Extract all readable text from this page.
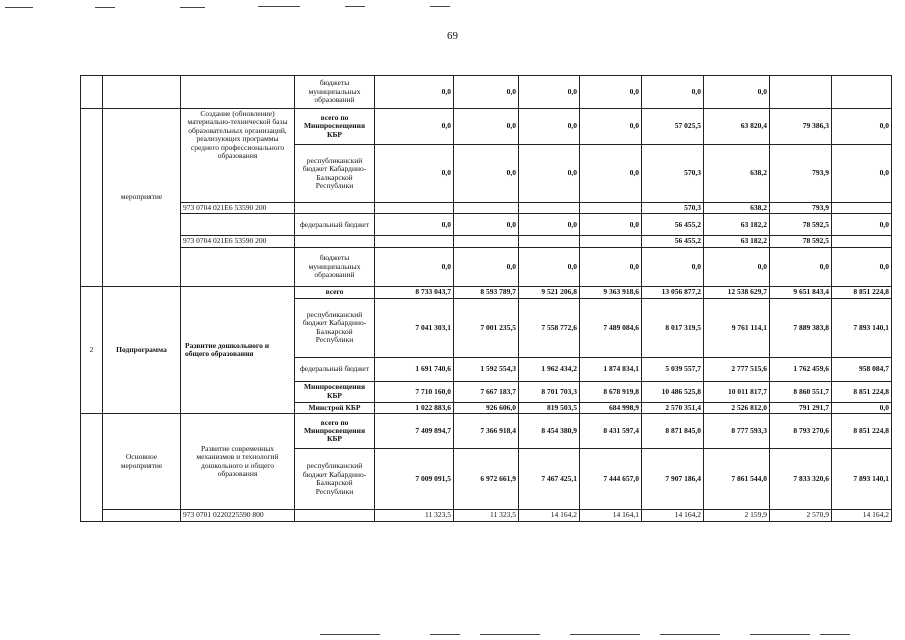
69
			бюджеты муниципальных образований	0,0	0,0	0,0	0,0	0,0	0,0		
	мероприятие	Создание (обновление) материально-технической базы образовательных организаций, реализующих программы среднего профессионального образования	всего по Минпросвещения КБР	0,0	0,0	0,0	0,0	57 025,5	63 820,4	79 386,3	0,0
			республиканский бюджет Кабардино-Балкарской Республики	0,0	0,0	0,0	0,0	570,3	638,2	793,9	0,0
		973 0704 021E6 53590 200						570,3	638,2	793,9	
			федеральный бюджет	0,0	0,0	0,0	0,0	56 455,2	63 182,2	78 592,5	0,0
		973 0704 021E6 53590 200						56 455,2	63 182,2	78 592,5	
			бюджеты муниципальных образований	0,0	0,0	0,0	0,0	0,0	0,0	0,0	0,0
2	Подпрограмма	Развитие дошкольного и общего образования	всего	8 733 043,7	8 593 789,7	9 521 206,8	9 363 918,6	13 056 877,2	12 538 629,7	9 651 843,4	8 851 224,8
			республиканский бюджет Кабардино-Балкарской Республики	7 041 303,1	7 001 235,5	7 558 772,6	7 489 084,6	8 017 319,5	9 761 114,1	7 889 383,8	7 893 140,1
			федеральный бюджет	1 691 740,6	1 592 554,3	1 962 434,2	1 874 834,1	5 039 557,7	2 777 515,6	1 762 459,6	958 084,7
			Минпросвещения КБР	7 710 160,0	7 667 183,7	8 701 703,3	8 678 919,8	10 486 525,8	10 011 817,7	8 860 551,7	8 851 224,8
			Минстрой КБР	1 022 883,6	926 606,0	819 503,5	684 998,9	2 570 351,4	2 526 812,0	791 291,7	0,0
	Основное мероприятие	Развитие современных механизмов и технологий дошкольного и общего образования	всего по Минпросвещения КБР	7 409 894,7	7 366 918,4	8 454 380,9	8 431 597,4	8 871 845,0	8 777 593,3	8 793 270,6	8 851 224,8
			республиканский бюджет Кабардино-Балкарской Республики	7 009 091,5	6 972 661,9	7 467 425,1	7 444 657,0	7 907 186,4	7 861 544,0	7 833 320,6	7 893 140,1
		973 0701 0220225590 800		11 323,5	11 323,5	14 164,2	14 164,1	14 164,2	2 159,9	2 570,9	14 164,2
